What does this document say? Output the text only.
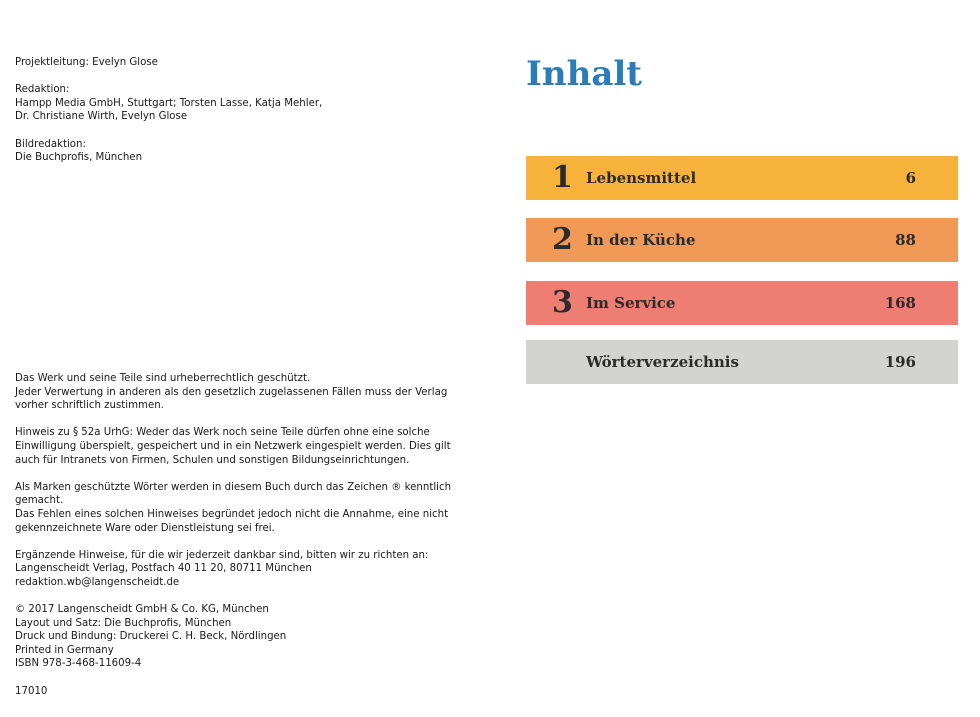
Projektleitung: Evelyn Glose
Redaktion:
Hampp Media GmbH, Stuttgart; Torsten Lasse, Katja Mehler,
Dr. Christiane Wirth, Evelyn Glose
Bildredaktion:
Die Buchprofis, München
Das Werk und seine Teile sind urheberrechtlich geschützt.
Jeder Verwertung in anderen als den gesetzlich zugelassenen Fällen muss der Verlag
vorher schriftlich zustimmen.
Hinweis zu § 52a UrhG: Weder das Werk noch seine Teile dürfen ohne eine solche
Einwilligung überspielt, gespeichert und in ein Netzwerk eingespielt werden. Dies gilt
auch für Intranets von Firmen, Schulen und sonstigen Bildungseinrichtungen.
Als Marken geschützte Wörter werden in diesem Buch durch das Zeichen ® kenntlich
gemacht.
Das Fehlen eines solchen Hinweises begründet jedoch nicht die Annahme, eine nicht
gekennzeichnete Ware oder Dienstleistung sei frei.
Ergänzende Hinweise, für die wir jederzeit dankbar sind, bitten wir zu richten an:
Langenscheidt Verlag, Postfach 40 11 20, 80711 München
redaktion.wb@langenscheidt.de
© 2017 Langenscheidt GmbH & Co. KG, München
Layout und Satz: Die Buchprofis, München
Druck und Bindung: Druckerei C. H. Beck, Nördlingen
Printed in Germany
ISBN 978-3-468-11609-4
17010
Inhalt
1 Lebensmittel	6
2 In der Küche	88
3 Im Service	168
Wörterverzeichnis	196
